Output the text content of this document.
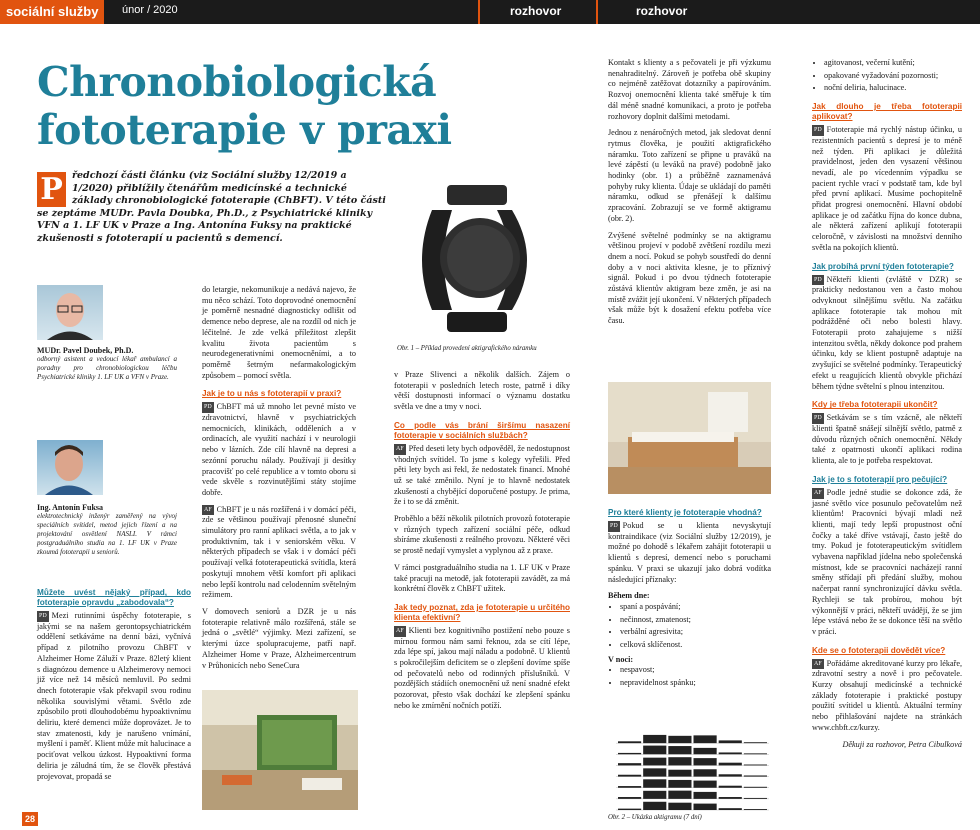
sociální služby	únor / 2020	rozhovor	rozhovor
Chronobiologická fototerapie v praxi
P ředchozí části článku (viz Sociální služby 12/2019 a 1/2020) přiblížily čtenářům medicínské a technické základy chronobiologické fototerapie (ChBFT). V této části se zeptáme MUDr. Pavla Doubka, Ph.D., z Psychiatrické kliniky VFN a 1. LF UK v Praze a Ing. Antonína Fuksy na praktické zkušenosti s fototerapií u pacientů s demencí.
MUDr. Pavel Doubek, Ph.D.
odborný asistent a vedoucí lékař ambulancí a poradny pro chronobiologickou léčbu Psychiatrické kliniky 1. LF UK a VFN v Praze.
Ing. Antonín Fuksa
elektrotechnický inženýr zaměřený na vývoj speciálních svítidel, metod jejich řízení a na projektování osvětlení NASLI. V rámci postgraduálního studia na 1. LF UK v Praze zkoumá fototerapii u seniorů.
Můžete uvést nějaký případ, kdo fototerapie opravdu „zabodovala“?

PD Mezi rutinními úspěchy fototerapie, s jakými se na našem gerontopsychiatrickém oddělení setkáváme na denní bázi, vyčnívá případ z pilotního provozu ChBFT v Alzheimer Home Záluží v Praze. 82letý klient s diagnózou demence u Alzheimerovy nemoci již více než 14 měsíců nemluvil. Po sedmi dnech fototerapie však překvapil svou rodinu několika souvislými větami. Světlo zde způsobilo proti dlouhodobému hypoaktivnímu deliriu, které demenci může doprovázet. Je to stav zmatenosti, kdy je narušeno vnímání, myšlení i paměť. Klient může mít halucinace a pociťovat velkou úzkost. Hypoaktivní forma deliria je záludná tím, že se člověk přestává projevovat, propadá se

do letargie, nekomunikuje a nedává najevo, že mu něco schází. Toto doprovodné onemocnění je poměrně nesnadné diagnosticky odlišit od demence nebo deprese, ale na rozdíl od nich je léčitelné. Je zde velká příležitost zlepšit kvalitu života pacientům s neurodegenerativními onemocněními, a to poměrně šetrným nefarmakologickým způsobem – pomocí světla.

Jak je to u nás s fototerapií v praxi?

PD ChBFT má už mnoho let pevné místo ve zdravotnictví, hlavně v psychiatrických nemocnicích, klinikách, odděleních a v ordinacích, ale využití nachází i v neurologii nebo v lázních. Zde cílí hlavně na depresi a sezónní poruchu nálady. Používají ji desítky pracovišť po celé republice a v tomto oboru si vede skvěle s rozvinutějšími státy stojíme dobře.

AF ChBFT je u nás rozšířená i v domácí péči, zde se většinou používají přenosné sluneční simulátory pro ranní aplikaci světla, a to jak v produktivním, tak i v seniorském věku. V některých případech se však i v domácí péči používají velká fototerapeutická svítidla, která poskytují mnohem větší komfort při aplikaci nebo lepší kontrolu nad celodenním světelným režimem.

V domovech seniorů a DZR je u nás fototerapie relativně málo rozšířená, stále se jedná o „světlé“ výjimky. Mezi zařízení, se kterými úzce spolupracujeme, patří např. Alzheimer Home v Praze, Alzheimercentrum v Průhonicích nebo SeneCura

Obr. 1 – Příklad provedení aktigrafického náramku

v Praze Slivenci a několik dalších. Zájem o fototerapii v posledních letech roste, patrně i díky větší dostupnosti informací o významu dostatku světla ve dne a tmy v noci.

Co podle vás brání širšímu nasazení fototerapie v sociálních službách?

AF Před deseti lety bych odpověděl, že nedostupnost vhodných svítidel. To jsme s kolegy vyřešili. Před pěti lety bych asi řekl, že nedostatek financí. Mnohé už se také změnilo. Nyní je to hlavně nedostatek zkušeností a chybějící doporučené postupy. Je prima, že i to se dá změnit.

Proběhlo a běží několik pilotních provozů fototerapie v různých typech zařízení sociální péče, odkud sbíráme zkušenosti z reálného provozu. Některé věci se prostě nedají vymyslet a vyplynou až z praxe.

V rámci postgraduálního studia na 1. LF UK v Praze také pracuji na metodě, jak fototerapii zavádět, za má konkrétní člověk z ChBFT užitek.

Jak tedy poznat, zda je fototerapie u určitého klienta efektivní?

AF Klienti bez kognitivního postižení nebo pouze s mírnou formou nám sami řeknou, zda se cítí lépe, zda lépe spí, jakou mají náladu a podobně. U klientů s pokročilejším deficitem se o zlepšení dovíme spíše od pečovatelů nebo od rodinných příslušníků. V pozdějších stádiích onemocnění už není snadné efekt pozorovat, přesto však dochází ke zlepšení spánku nebo ke zmírnění nočních potíží.

Kontakt s klienty a s pečovateli je při výzkumu nenahraditelný. Zároveň je potřeba obě skupiny co nejméně zatěžovat dotazníky a papírováním. Rozvoj onemocnění klienta také směřuje k tím dál méně snadné komunikaci, a proto je potřeba rozhovory doplnit dalšími metodami.

Jednou z nenáročných metod, jak sledovat denní rytmus člověka, je použití aktigrafického náramku. Toto zařízení se připne u praváků na levé zápěstí (u leváků na pravé) podobně jako hodinky (obr. 1) a průběžně zaznamenává pohyby ruky klienta. Údaje se ukládají do paměti náramku, odkud se přenášejí k dalšímu zpracování. Zobrazují se ve formě aktigramu (obr. 2).

Zvýšené světelné podmínky se na aktigramu většinou projeví v podobě zvětšení rozdílu mezi dnem a nocí. Pokud se pohyb soustředí do denní doby a v noci aktivita klesne, je to příznivý signál. Pokud i po dvou týdnech fototerapie zůstává klientův aktigram beze změn, je asi na místě zvážit její ukončení. V některých případech však může být k dosažení efektu potřeba více času.

Pro které klienty je fototerapie vhodná?

PD Pokud se u klienta nevyskytují kontraindikace (viz Sociální služby 12/2019), je možné po dohodě s lékařem zahájit fototerapii u klientů s depresí, demencí nebo s poruchami spánku. V praxi se ukazují jako dobrá vodítka následující příznaky:

Během dne:
• spaní a pospávání;
• nečinnost, zmatenost;
• verbální agresivita;
• celková sklíčenost.
V noci:
• nespavost;
• nepravidelnost spánku;
Obr. 2 – Ukázka aktigramu (7 dní)
• agitovanost, večerní kutění;
• opakované vyžadování pozornosti;
• noční deliria, halucinace.
Jak dlouho je třeba fototerapii aplikovat?

PD Fototerapie má rychlý nástup účinku, u rezistentních pacientů s depresí je to méně než týden. Při aplikaci je důležitá pravidelnost, jeden den vysazení většinou nevadí, ale po vícedenním výpadku se pacient rychle vrací v podstatě tam, kde byl před první aplikací. Musíme pochopitelně přidat progresi onemocnění. Hlavní období aplikace je od začátku října do konce dubna, ale některá zařízení aplikují fototerapii celoročně, v závislosti na množství denního světla na pokojích klientů.

Jak probíhá první týden fototerapie?

PD Někteří klienti (zvláště v DZR) se prakticky nedostanou ven a často mohou odvyknout silnějšímu světlu. Na začátku aplikace fototerapie tak mohou mít podrážděné oči nebo bolesti hlavy. Fototerapii proto zahajujeme s nižší intenzitou světla, někdy dokonce pod prahem účinku, kdy se klient postupně adaptuje na zvyšující se světelné podmínky. Terapeutický efekt u reagujících klientů obvykle přichází během týdne světelní s plnou intenzitou.

Kdy je třeba fototerapii ukončit?

PD Setkávám se s tím vzácně, ale někteří klienti špatně snášejí silnější světlo, patrně z důvodu různých očních onemocnění. Někdy také z opatrnosti ukončí aplikaci rodina klienta, ale to je potřeba respektovat.

Jak je to s fototerapií pro pečující?

AF Podle jedné studie se dokonce zdá, že jasné světlo více posunulo pečovatelům než klientům! Pracovníci bývají mladí než klienti, mají tedy lepší propustnost oční čočky a také dříve vstávají, často ještě do tmy. Pokud je fototerapeutickým svítidlem vybavena například jídelna nebo společenská místnost, kde se pracovníci nacházejí ranní směny střídají při předání služby, mohou načerpat ranní synchronizující dávku světla. Rychleji se tak probírou, mohou být výkonnější v práci, někteří uvádějí, že se jim lépe vstává nebo že se dokonce těší na světlo v práci.

Kde se o fototerapii dovědět více?

AF Pořádáme akreditované kurzy pro lékaře, zdravotní sestry a nově i pro pečovatele. Kurzy obsahují medicínské a technické základy fototerapie i praktické postupy použití svítidel u klientů. Aktuální termíny nebo přihlašování najdete na stránkách www.chbft.cz/kurzy.

Děkuji za rozhovor, Petra Cibulková
28
